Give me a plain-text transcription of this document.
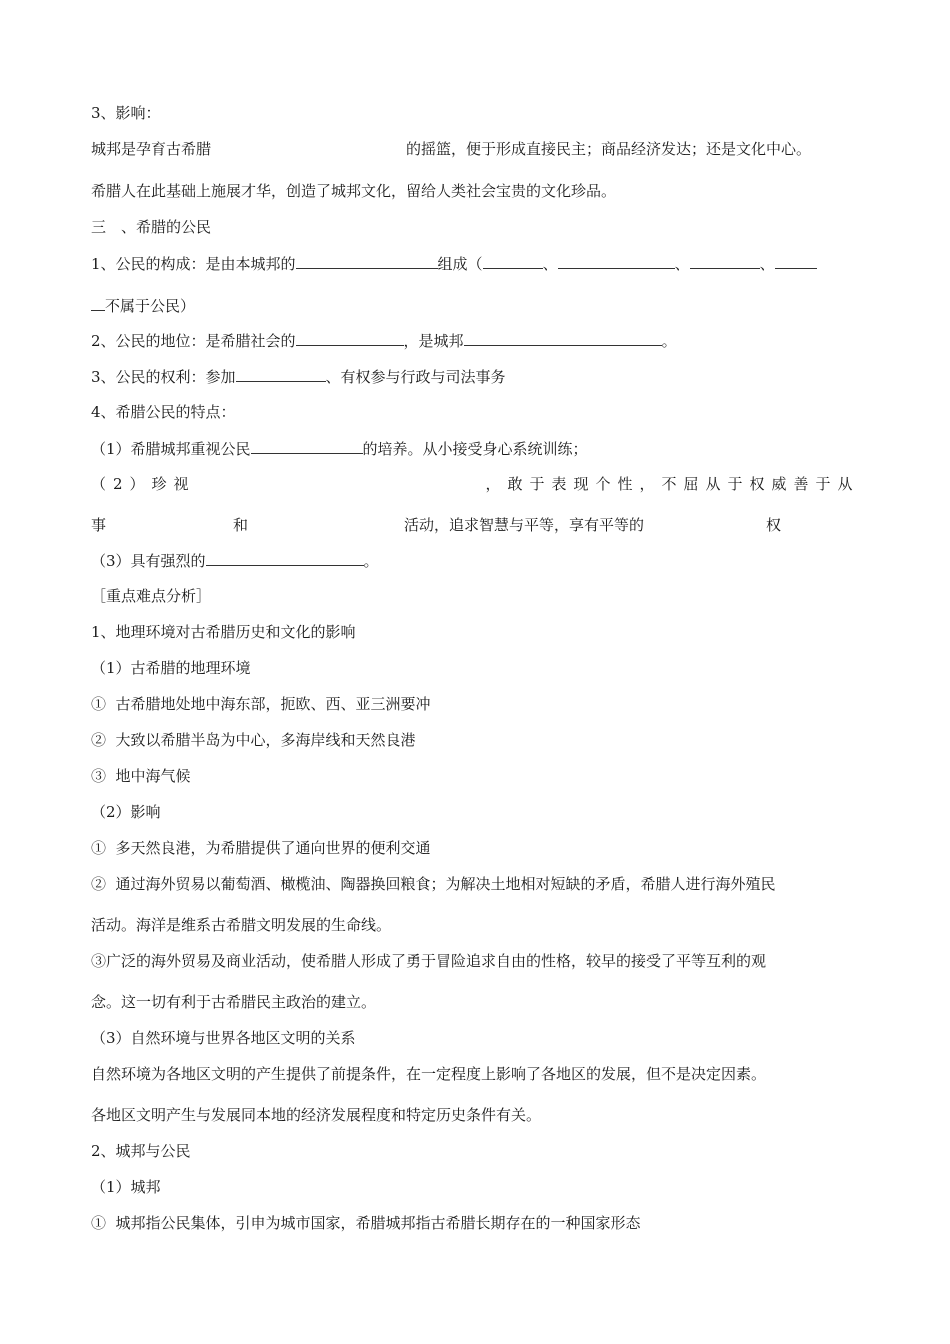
3、影响：
城邦是孕育古希腊	的摇篮，便于形成直接民主；商品经济发达；还是文化中心。
希腊人在此基础上施展才华，创造了城邦文化，留给人类社会宝贵的文化珍品。
三　、希腊的公民
1、公民的构成：是由本城邦的	组成（	、	、	、
不属于公民）
2、公民的地位：是希腊社会的	，是城邦	。
3、公民的权利：参加	、有权参与行政与司法事务
4、希腊公民的特点：
（1）希腊城邦重视公民	的培养。从小接受身心系统训练；
（2）珍视	，敢于表现个性，不屈从于权威善于从
事	和	活动，追求智慧与平等，享有平等的	权
（3）具有强烈的	。
［重点难点分析］
1、地理环境对古希腊历史和文化的影响
（1）古希腊的地理环境
①  古希腊地处地中海东部，扼欧、西、亚三洲要冲
②  大致以希腊半岛为中心，多海岸线和天然良港
③  地中海气候
（2）影响
①  多天然良港，为希腊提供了通向世界的便利交通
②  通过海外贸易以葡萄酒、橄榄油、陶器换回粮食；为解决土地相对短缺的矛盾，希腊人进行海外殖民
活动。海洋是维系古希腊文明发展的生命线。
③广泛的海外贸易及商业活动，使希腊人形成了勇于冒险追求自由的性格，较早的接受了平等互利的观
念。这一切有利于古希腊民主政治的建立。
（3）自然环境与世界各地区文明的关系
自然环境为各地区文明的产生提供了前提条件，在一定程度上影响了各地区的发展，但不是决定因素。
各地区文明产生与发展同本地的经济发展程度和特定历史条件有关。
2、城邦与公民
（1）城邦
①  城邦指公民集体，引申为城市国家，希腊城邦指古希腊长期存在的一种国家形态
